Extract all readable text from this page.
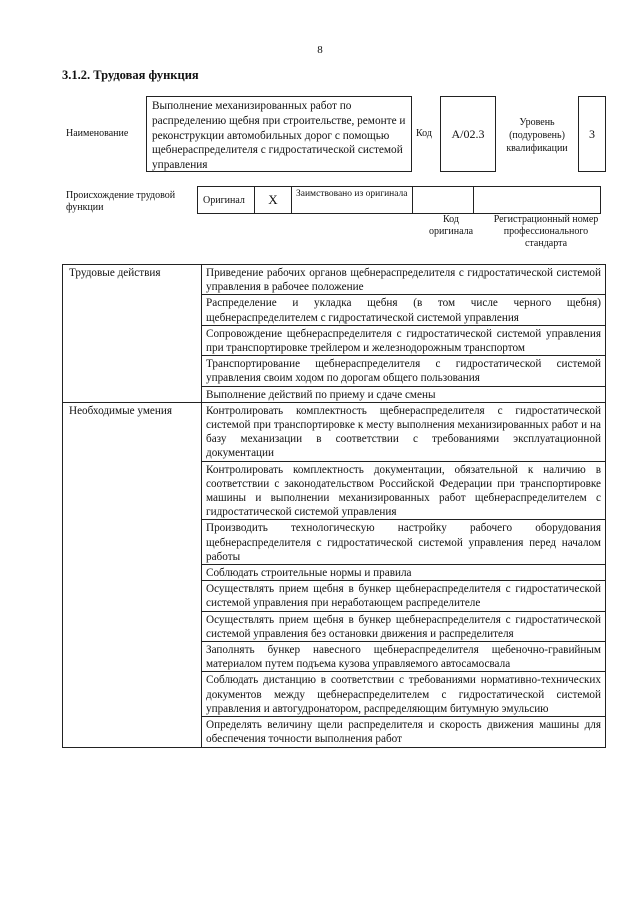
8
3.1.2. Трудовая функция
Наименование
Выполнение механизированных работ по распределению щебня при строительстве, ремонте и реконструкции автомобильных дорог с помощью щебнераспределителя с гидростатической системой управления
Код	А/02.3
Уровень (подуровень) квалификации
3
Происхождение трудовой функции
Оригинал	Х	Заимствовано из оригинала
Код оригинала
Регистрационный номер профессионального стандарта
Трудовые действия	Приведение рабочих органов щебнераспределителя с гидростатической системой управления в рабочее положение
	Распределение и укладка щебня (в том числе черного щебня) щебнераспределителем с гидростатической системой управления
	Сопровождение щебнераспределителя с гидростатической системой управления при транспортировке трейлером и железнодорожным транспортом
	Транспортирование щебнераспределителя с гидростатической системой управления своим ходом по дорогам общего пользования
	Выполнение действий по приему и сдаче смены
Необходимые умения	Контролировать комплектность щебнераспределителя с гидростатической системой при транспортировке к месту выполнения механизированных работ и на базу механизации в соответствии с требованиями эксплуатационной документации
	Контролировать комплектность документации, обязательной к наличию в соответствии с законодательством Российской Федерации при транспортировке машины и выполнении механизированных работ щебнераспределителем с гидростатической системой управления
	Производить технологическую настройку рабочего оборудования щебнераспределителя с гидростатической системой управления перед началом работы
	Соблюдать строительные нормы и правила
	Осуществлять прием щебня в бункер щебнераспределителя с гидростатической системой управления при неработающем распределителе
	Осуществлять прием щебня в бункер щебнераспределителя с гидростатической системой управления без остановки движения и распределителя
	Заполнять бункер навесного щебнераспределителя щебеночно-гравийным материалом путем подъема кузова управляемого автосамосвала
	Соблюдать дистанцию в соответствии с требованиями нормативно-технических документов между щебнераспределителем с гидростатической системой управления и автогудронатором, распределяющим битумную эмульсию
	Определять величину щели распределителя и скорость движения машины для обеспечения точности выполнения работ
